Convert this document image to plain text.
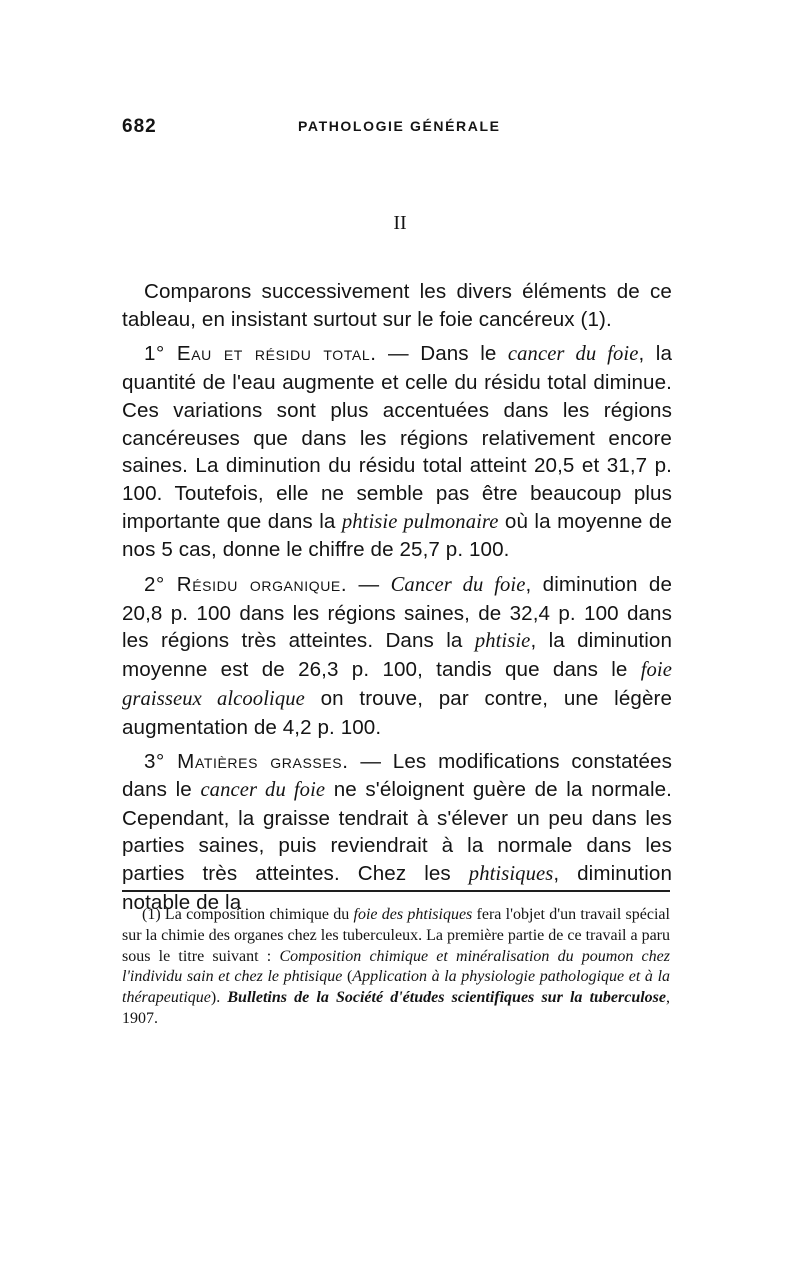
682	PATHOLOGIE GÉNÉRALE
II

Comparons successivement les divers éléments de ce tableau, en insistant surtout sur le foie cancéreux (1).

1° Eau et résidu total. — Dans le cancer du foie, la quantité de l'eau augmente et celle du résidu total diminue. Ces variations sont plus accentuées dans les régions cancéreuses que dans les régions relativement encore saines. La diminution du résidu total atteint 20,5 et 31,7 p. 100. Toutefois, elle ne semble pas être beaucoup plus importante que dans la phtisie pulmonaire où la moyenne de nos 5 cas, donne le chiffre de 25,7 p. 100.

2° Résidu organique. — Cancer du foie, diminution de 20,8 p. 100 dans les régions saines, de 32,4 p. 100 dans les régions très atteintes. Dans la phtisie, la diminution moyenne est de 26,3 p. 100, tandis que dans le foie graisseux alcoolique on trouve, par contre, une légère augmentation de 4,2 p. 100.

3° Matières grasses. — Les modifications constatées dans le cancer du foie ne s'éloignent guère de la normale. Cependant, la graisse tendrait à s'élever un peu dans les parties saines, puis reviendrait à la normale dans les parties très atteintes. Chez les phtisiques, diminution notable de la

(1) La composition chimique du foie des phtisiques fera l'objet d'un travail spécial sur la chimie des organes chez les tuberculeux. La première partie de ce travail a paru sous le titre suivant : Composition chimique et minéralisation du poumon chez l'individu sain et chez le phtisique (Application à la physiologie pathologique et à la thérapeutique). Bulletins de la Société d'études scientifiques sur la tuberculose, 1907.
